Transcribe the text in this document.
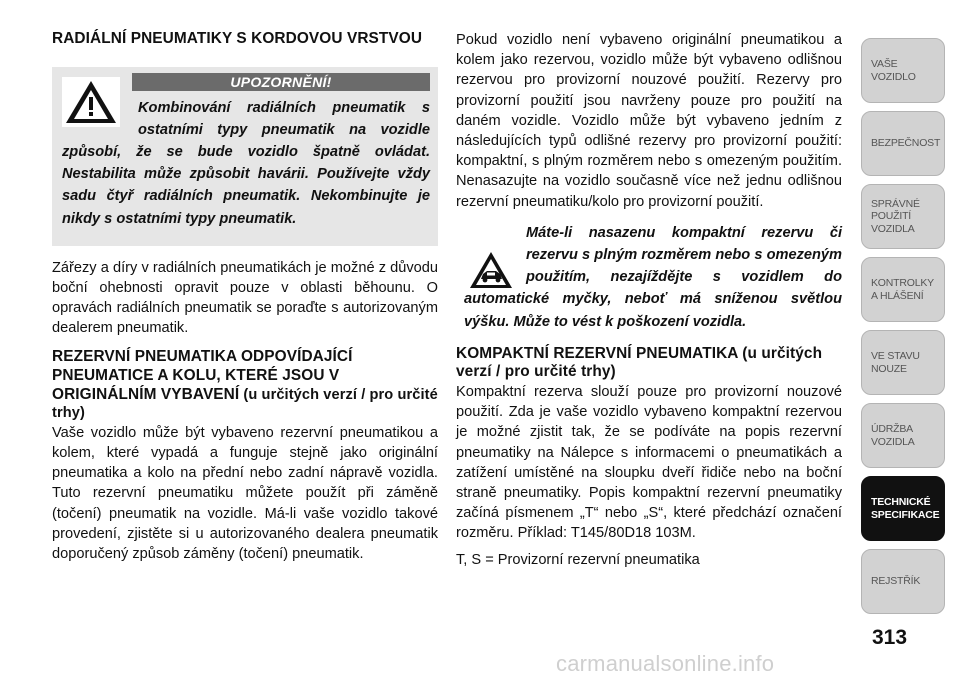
RADIÁLNÍ PNEUMATIKY S KORDOVOU VRSTVOU
UPOZORNĚNÍ!
Kombinování radiálních pneumatik s ostatními typy pneumatik na vozidle způsobí, že se bude vozidlo špatně ovládat. Nestabilita může způsobit havárii. Používejte vždy sadu čtyř radiálních pneumatik. Nekombinujte je nikdy s ostatními typy pneumatik.

Zářezy a díry v radiálních pneumatikách je možné z důvodu boční ohebnosti opravit pouze v oblasti běhounu. O opravách radiálních pneumatik se poraďte s autorizovaným dealerem pneumatik.

REZERVNÍ PNEUMATIKA ODPOVÍDAJÍCÍ PNEUMATICE A KOLU, KTERÉ JSOU V ORIGINÁLNÍM VYBAVENÍ (u určitých verzí / pro určité trhy)

Vaše vozidlo může být vybaveno rezervní pneumatikou a kolem, které vypadá a funguje stejně jako originální pneumatika a kolo na přední nebo zadní nápravě vozidla. Tuto rezervní pneumatiku můžete použít při záměně (točení) pneumatik na vozidle. Má-li vaše vozidlo takové provedení, zjistěte si u autorizovaného dealera pneumatik doporučený způsob záměny (točení) pneumatik.

Pokud vozidlo není vybaveno originální pneumatikou a kolem jako rezervou, vozidlo může být vybaveno odlišnou rezervou pro provizorní nouzové použití. Rezervy pro provizorní použití jsou navrženy pouze pro použití na daném vozidle. Vozidlo může být vybaveno jedním z následujících typů odlišné rezervy pro provizorní použití: kompaktní, s plným rozměrem nebo s omezeným použitím. Nenasazujte na vozidlo současně více než jednu odlišnou rezervní pneumatiku/kolo pro provizorní použití.

Máte-li nasazenu kompaktní rezervu či rezervu s plným rozměrem nebo s omezeným použitím, nezajíždějte s vozidlem do automatické myčky, neboť má sníženou světlou výšku. Může to vést k poškození vozidla.
KOMPAKTNÍ REZERVNÍ PNEUMATIKA (u určitých verzí / pro určité trhy)

Kompaktní rezerva slouží pouze pro provizorní nouzové použití. Zda je vaše vozidlo vybaveno kompaktní rezervou je možné zjistit tak, že se podíváte na popis rezervní pneumatiky na Nálepce s informacemi o pneumatikách a zatížení umístěné na sloupku dveří řidiče nebo na boční straně pneumatiky. Popis kompaktní rezervní pneumatiky začíná písmenem „T“ nebo „S“, které předchází označení rozměru. Příklad: T145/80D18 103M.

T, S = Provizorní rezervní pneumatika

VAŠE
VOZIDLO
BEZPEČNOST
SPRÁVNÉ
POUŽITÍ
VOZIDLA
KONTROLKY
A HLÁŠENÍ
VE STAVU
NOUZE
ÚDRŽBA
VOZIDLA
TECHNICKÉ
SPECIFIKACE
REJSTŘÍK
313
carmanualsonline.info
